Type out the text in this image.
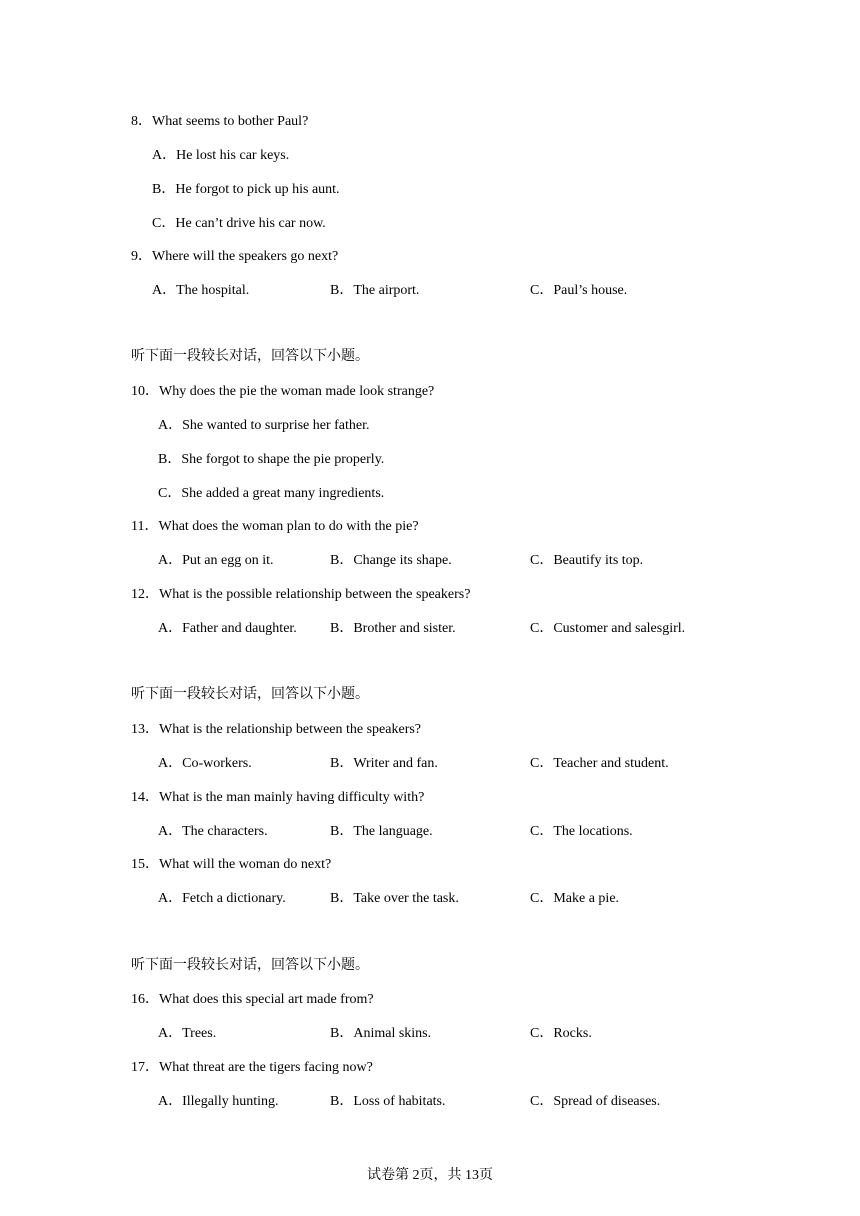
8．What seems to bother Paul?
A．He lost his car keys.
B．He forgot to pick up his aunt.
C．He can’t drive his car now.
9．Where will the speakers go next?
A．The hospital.	B．The airport.	C．Paul’s house.
听下面一段较长对话，回答以下小题。
10．Why does the pie the woman made look strange?
A．She wanted to surprise her father.
B．She forgot to shape the pie properly.
C．She added a great many ingredients.
11．What does the woman plan to do with the pie?
A．Put an egg on it.	B．Change its shape.	C．Beautify its top.
12．What is the possible relationship between the speakers?
A．Father and daughter. B．Brother and sister.	C．Customer and salesgirl.
听下面一段较长对话，回答以下小题。
13．What is the relationship between the speakers?
A．Co-workers.	B．Writer and fan.	C．Teacher and student.
14．What is the man mainly having difficulty with?
A．The characters.	B．The language.	C．The locations.
15．What will the woman do next?
A．Fetch a dictionary.	B．Take over the task.	C．Make a pie.
听下面一段较长对话，回答以下小题。
16．What does this special art made from?
A．Trees.	B．Animal skins.	C．Rocks.
17．What threat are the tigers facing now?
A．Illegally hunting.	B．Loss of habitats.	C．Spread of diseases.
试卷第 2页，共 13页
